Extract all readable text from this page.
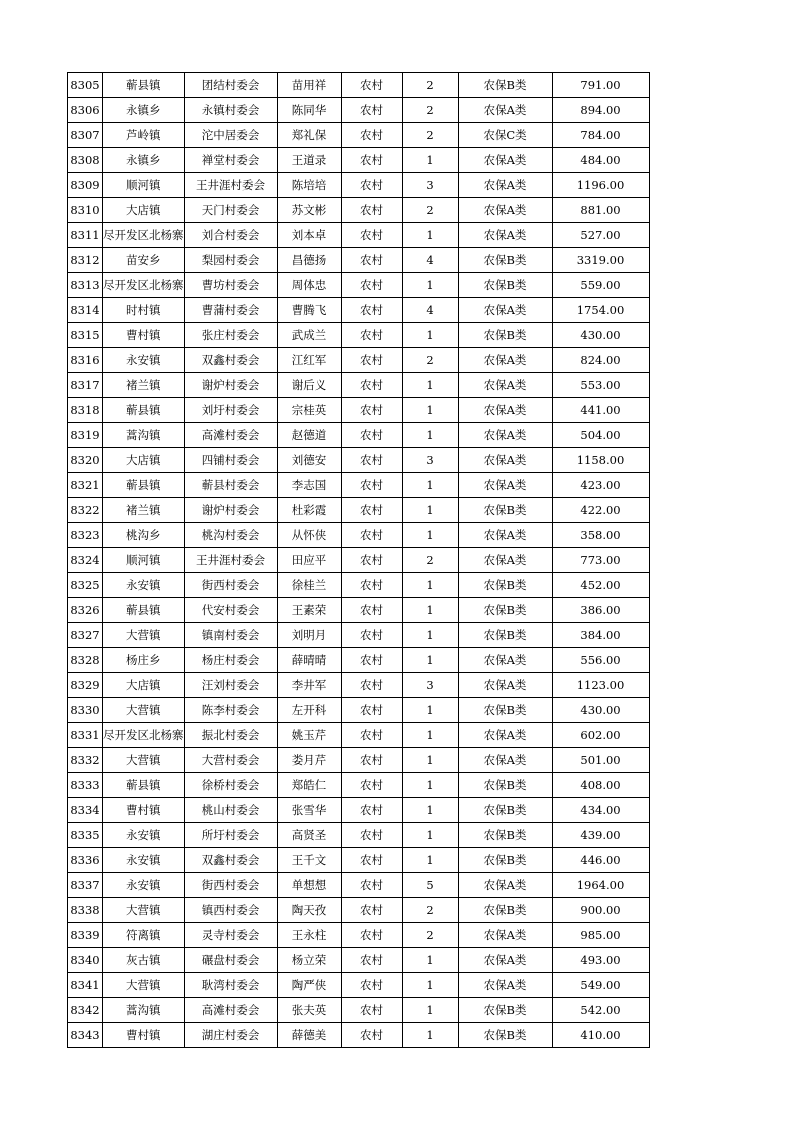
8305	蕲县镇	团结村委会	苗用祥	农村	2	农保B类	791.00
8306	永镇乡	永镇村委会	陈同华	农村	2	农保A类	894.00
8307	芦岭镇	沱中居委会	郑礼保	农村	2	农保C类	784.00
8308	永镇乡	禅堂村委会	王道录	农村	1	农保A类	484.00
8309	顺河镇	王井涯村委会	陈培培	农村	3	农保A类	1196.00
8310	大店镇	天门村委会	苏文彬	农村	2	农保A类	881.00
8311	尽开发区北杨寨	刘合村委会	刘本卓	农村	1	农保A类	527.00
8312	苗安乡	梨园村委会	昌德扬	农村	4	农保B类	3319.00
8313	尽开发区北杨寨	曹坊村委会	周体忠	农村	1	农保B类	559.00
8314	时村镇	曹蒲村委会	曹腾飞	农村	4	农保A类	1754.00
8315	曹村镇	张庄村委会	武成兰	农村	1	农保B类	430.00
8316	永安镇	双鑫村委会	江红军	农村	2	农保A类	824.00
8317	褚兰镇	谢炉村委会	谢后义	农村	1	农保A类	553.00
8318	蕲县镇	刘圩村委会	宗桂英	农村	1	农保A类	441.00
8319	蒿沟镇	高滩村委会	赵德道	农村	1	农保A类	504.00
8320	大店镇	四铺村委会	刘德安	农村	3	农保A类	1158.00
8321	蕲县镇	蕲县村委会	李志国	农村	1	农保A类	423.00
8322	褚兰镇	谢炉村委会	杜彩霞	农村	1	农保B类	422.00
8323	桃沟乡	桃沟村委会	从怀侠	农村	1	农保A类	358.00
8324	顺河镇	王井涯村委会	田应平	农村	2	农保A类	773.00
8325	永安镇	街西村委会	徐桂兰	农村	1	农保B类	452.00
8326	蕲县镇	代安村委会	王素荣	农村	1	农保B类	386.00
8327	大营镇	镇南村委会	刘明月	农村	1	农保B类	384.00
8328	杨庄乡	杨庄村委会	薛晴晴	农村	1	农保A类	556.00
8329	大店镇	汪刘村委会	李井军	农村	3	农保A类	1123.00
8330	大营镇	陈李村委会	左开科	农村	1	农保B类	430.00
8331	尽开发区北杨寨	振北村委会	姚玉芹	农村	1	农保A类	602.00
8332	大营镇	大营村委会	娄月芹	农村	1	农保A类	501.00
8333	蕲县镇	徐桥村委会	郑皓仁	农村	1	农保B类	408.00
8334	曹村镇	桃山村委会	张雪华	农村	1	农保B类	434.00
8335	永安镇	所圩村委会	高贤圣	农村	1	农保B类	439.00
8336	永安镇	双鑫村委会	王千文	农村	1	农保B类	446.00
8337	永安镇	街西村委会	单想想	农村	5	农保A类	1964.00
8338	大营镇	镇西村委会	陶天孜	农村	2	农保B类	900.00
8339	符离镇	灵寺村委会	王永柱	农村	2	农保A类	985.00
8340	灰古镇	碾盘村委会	杨立荣	农村	1	农保A类	493.00
8341	大营镇	耿湾村委会	陶严侠	农村	1	农保A类	549.00
8342	蒿沟镇	高滩村委会	张夫英	农村	1	农保B类	542.00
8343	曹村镇	湖庄村委会	薛德美	农村	1	农保B类	410.00
